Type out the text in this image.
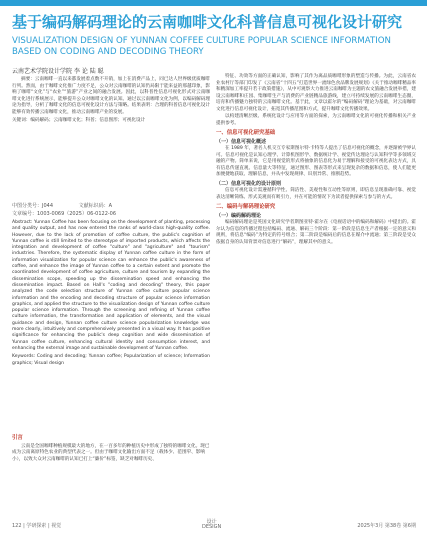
基于编码解码理论的云南咖啡文化科普信息可视化设计研究
VISUALIZATION DESIGN OF YUNNAN COFFEE CULTURE POPULAR SCIENCE INFORMATION BASED ON CODING AND DECODING THEORY
云南艺术学院设计学院 李 论 陆 聪
摘要：云南咖啡一直以来都发展着点数不开销，加上在消费产品上，同已达人世界级优质咖啡行列。然而，由于咖啡文化推广力度不足，公众对云南咖啡的认知仍局限于能来益的那越印象，影响了咖啡“文化”与“农业”“旅游”产业之间的融合发展。因此，以科普性信息可视化形式对云南咖啡文化进行系统展示，能够提升公众对咖啡文化的认知。通过以云南咖啡文化为例，以编码解码理论为指导，分析了咖啡文化的信息可视化设计方法与策略。结果表明：合理的科普信息可视化设计能够有效传播云南咖啡文化，推动云南咖啡产业的发展。
关键词：编码解码；云南咖啡文化；科普；信息图形；可视化设计
中图分类号：J044	文献标识码：A
文章编号：1003-0069（2025）06-0122-06
Abstract: Yunnan Coffee has been focusing on the development of planting, processing and quality output, and has now entered the ranks of world-class high-quality coffee. However, due to the lack of promotion of coffee culture, the public's cognition of Yunnan coffee is still limited to the stereotype of imported products, which affects the integration and development of coffee "culture" and "agriculture" and "tourism" industries. Therefore, the systematic display of Yunnan coffee culture in the form of information visualization for popular science can enhance the public's awareness of coffee, and enhance the image of Yunnan coffee to a certain extent and promote the coordinated development of coffee agriculture, culture and tourism by expanding the dissemination scope, speeding up the dissemination speed and enhancing the dissemination impact. Based on Hall's "coding and decoding" theory, this paper analyzed the code selection structure of Yunnan coffee culture popular science information and the encoding and decoding structure of popular science information graphics, and applied the structure to the visualization design of Yunnan coffee culture popular science information. Through the screening and refining of Yunnan coffee culture information, the transformation and application of elements, and the visual guidance and design, Yunnan coffee culture science popularization knowledge was more clearly, intuitively and comprehensively presented in a visual way. It has positive significance for enhancing the public's deep cognition and wide dissemination of Yunnan coffee culture, enhancing cultural identity and consumption interest, and enhancing the external image and sustainable development of Yunnan coffee.
Keywords: Coding and decoding; Yunnan coffee; Popularization of science; Information graphics; Visual design
引言
云南是全国咖啡种植规模最大的地方，在一百多年的种植历史中形成了独特的咖啡文化。现已成为云南离原特色农业的典型代表之一。但由于咖啡文化输出方面不足（载体少、范围窄、影响小），以致大众对云南咖啡的认知已打上“廉价”标签，缺乏对咖啡历史、
特征、功效等方面的正确认知，影响了其作为离品质咖啡形象的塑造与传播。为此，云南省农业农村厅等部门印发了《云南省“十四五”打造世界一流绿色食品牌发展规划》《关于推动咖啡精品率和精深加工率提升若干政策措施》，从中可观察大力推进云南咖啡为主题的农文旅融合发展举措，建设云南咖啡和庄园、集咖啡生产与消费的产业链精品旅游线，建立可持续发展的云南咖啡生态圈，培育和传播魅力独特的云南咖啡文化。基于此，文章以霍尔的“编码解码”理论为基础，对云南咖啡文化进行信息可视化设计，拓宽其传播范围和方式，提升咖啡文化传播效果。
以构建清晰层级、系统化设计与应用等方面的探索，为云南咖啡文化的可视化传播和相关产业提供参考。
一、信息可视化研究基础
（一）信息可视化概述
在 1989 年，著名人机交互专家斯图尔特·卡特等人提出了信息可视化的概念，并逐渐被学界认可。信息可视化是认知心理学、计算机图形学、数据统计学、视觉传达理论与认知科学等多领域交融的产物。简单来说，它是用视觉的形式将抽象的信息化为易于理解和接受的可视化表达方式，具有信息传递直观、信息量大等特征，通过图形、图表等形式来呈现复杂的数据和信息，使人们能更加便捷地获取、理解信息，并从中发现规律、识别异常、推断趋势。
（二）信息可视化的设计原则
信息可视化设计需遵循科学性、简洁性、美观性和互动性等原则，即信息呈现准确可靠、视觉表达清晰简练、形式美观而有吸引力，并在可能的情况下为读者提供探索与参与的方式。
二、编码与解码理论研究
（一）编码解码理论
编码解码理论是英国文化研究学者斯图亚特·霍尔在《电视话语中的编码和解码》中提出的。霍尔认为信息的传播过程包括编码、流通、解码三个阶段：第一阶段是信息生产者根据一定的意义和规则，将信息“编码”为特定的符号组合；第二阶段是编码后的信息在媒介中流通；第三阶段是受众依据自身的认知背景对信息进行“解码”，理解其中的意义。
122 | 学研探索 | 视觉
设计
DESIGN	2025年3月 第38卷 第6期
